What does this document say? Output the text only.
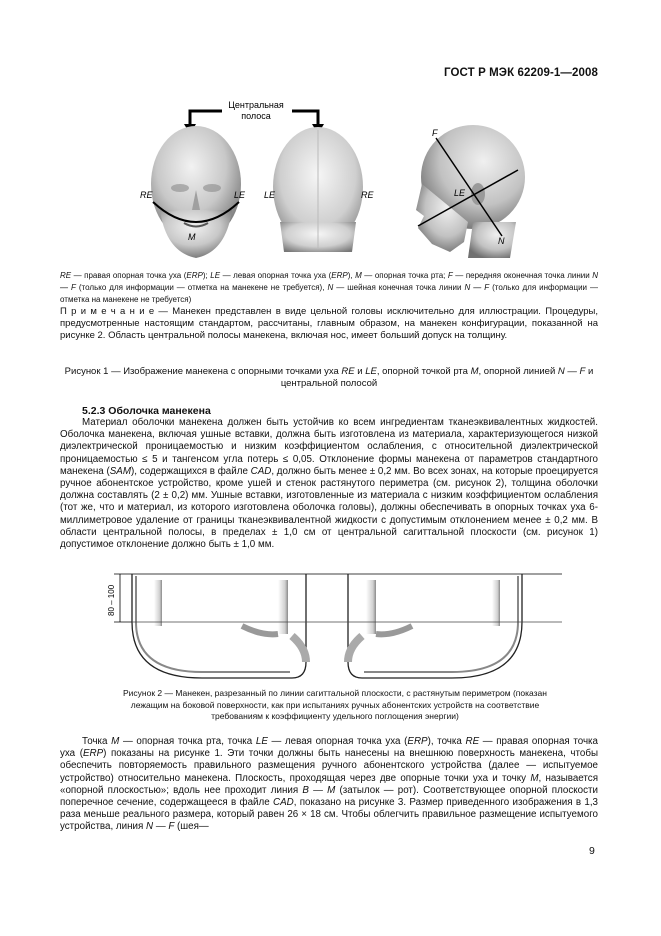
ГОСТ Р МЭК 62209-1—2008
Центральная
полоса
RE	LE
M
LE	RE
F
LE
N
RE — правая опорная точка уха (ERP); LE — левая опорная точка уха (ERP), M — опорная точка рта; F — передняя оконечная точка линии N — F (только для информации — отметка на манекене не требуется), N — шейная конечная точка линии N — F (только для информации — отметка на манекене не требуется)
П р и м е ч а н и е — Манекен представлен в виде цельной головы исключительно для иллюстрации. Процедуры, предусмотренные настоящим стандартом, рассчитаны, главным образом, на манекен конфигурации, показанной на рисунке 2. Область центральной полосы манекена, включая нос, имеет больший допуск на толщину.
Рисунок 1 — Изображение манекена с опорными точками уха RE и LE, опорной точкой рта M, опорной линией N — F и центральной полосой
5.2.3 Оболочка манекена
Материал оболочки манекена должен быть устойчив ко всем ингредиентам тканеэквивалентных жидкостей. Оболочка манекена, включая ушные вставки, должна быть изготовлена из материала, характеризующегося низкой диэлектрической проницаемостью и низким коэффициентом ослабления, с относительной диэлектрической проницаемостью ≤ 5 и тангенсом угла потерь ≤ 0,05. Отклонение формы манекена от параметров стандартного манекена (SAM), содержащихся в файле CAD, должно быть менее ± 0,2 мм. Во всех зонах, на которые проецируется ручное абонентское устройство, кроме ушей и стенок растянутого периметра (см. рисунок 2), толщина оболочки должна составлять (2 ± 0,2) мм. Ушные вставки, изготовленные из материала с низким коэффициентом ослабления (тот же, что и материал, из которого изготовлена оболочка головы), должны обеспечивать в опорных точках уха 6-миллиметровое удаление от границы тканеэквивалентной жидкости с допустимым отклонением менее ± 0,2 мм. В области центральной полосы, в пределах ± 1,0 см от центральной сагиттальной плоскости (см. рисунок 1) допустимое отклонение должно быть ± 1,0 мм.
80 – 100
Рисунок 2 — Манекен, разрезанный по линии сагиттальной плоскости, с растянутым периметром (показан лежащим на боковой поверхности, как при испытаниях ручных абонентских устройств на соответствие требованиям к коэффициенту удельного поглощения энергии)
Точка M — опорная точка рта, точка LE — левая опорная точка уха (ERP), точка RE — правая опорная точка уха (ERP) показаны на рисунке 1. Эти точки должны быть нанесены на внешнюю поверхность манекена, чтобы обеспечить повторяемость правильного размещения ручного абонентского устройства (далее — испытуемое устройство) относительно манекена. Плоскость, проходящая через две опорные точки уха и точку M, называется «опорной плоскостью»; вдоль нее проходит линия B — M (затылок — рот). Соответствующее опорной плоскости поперечное сечение, содержащееся в файле CAD, показано на рисунке 3. Размер приведенного изображения в 1,3 раза меньше реального размера, который равен 26 × 18 см. Чтобы облегчить правильное размещение испытуемого устройства, линия N — F (шея—
9
